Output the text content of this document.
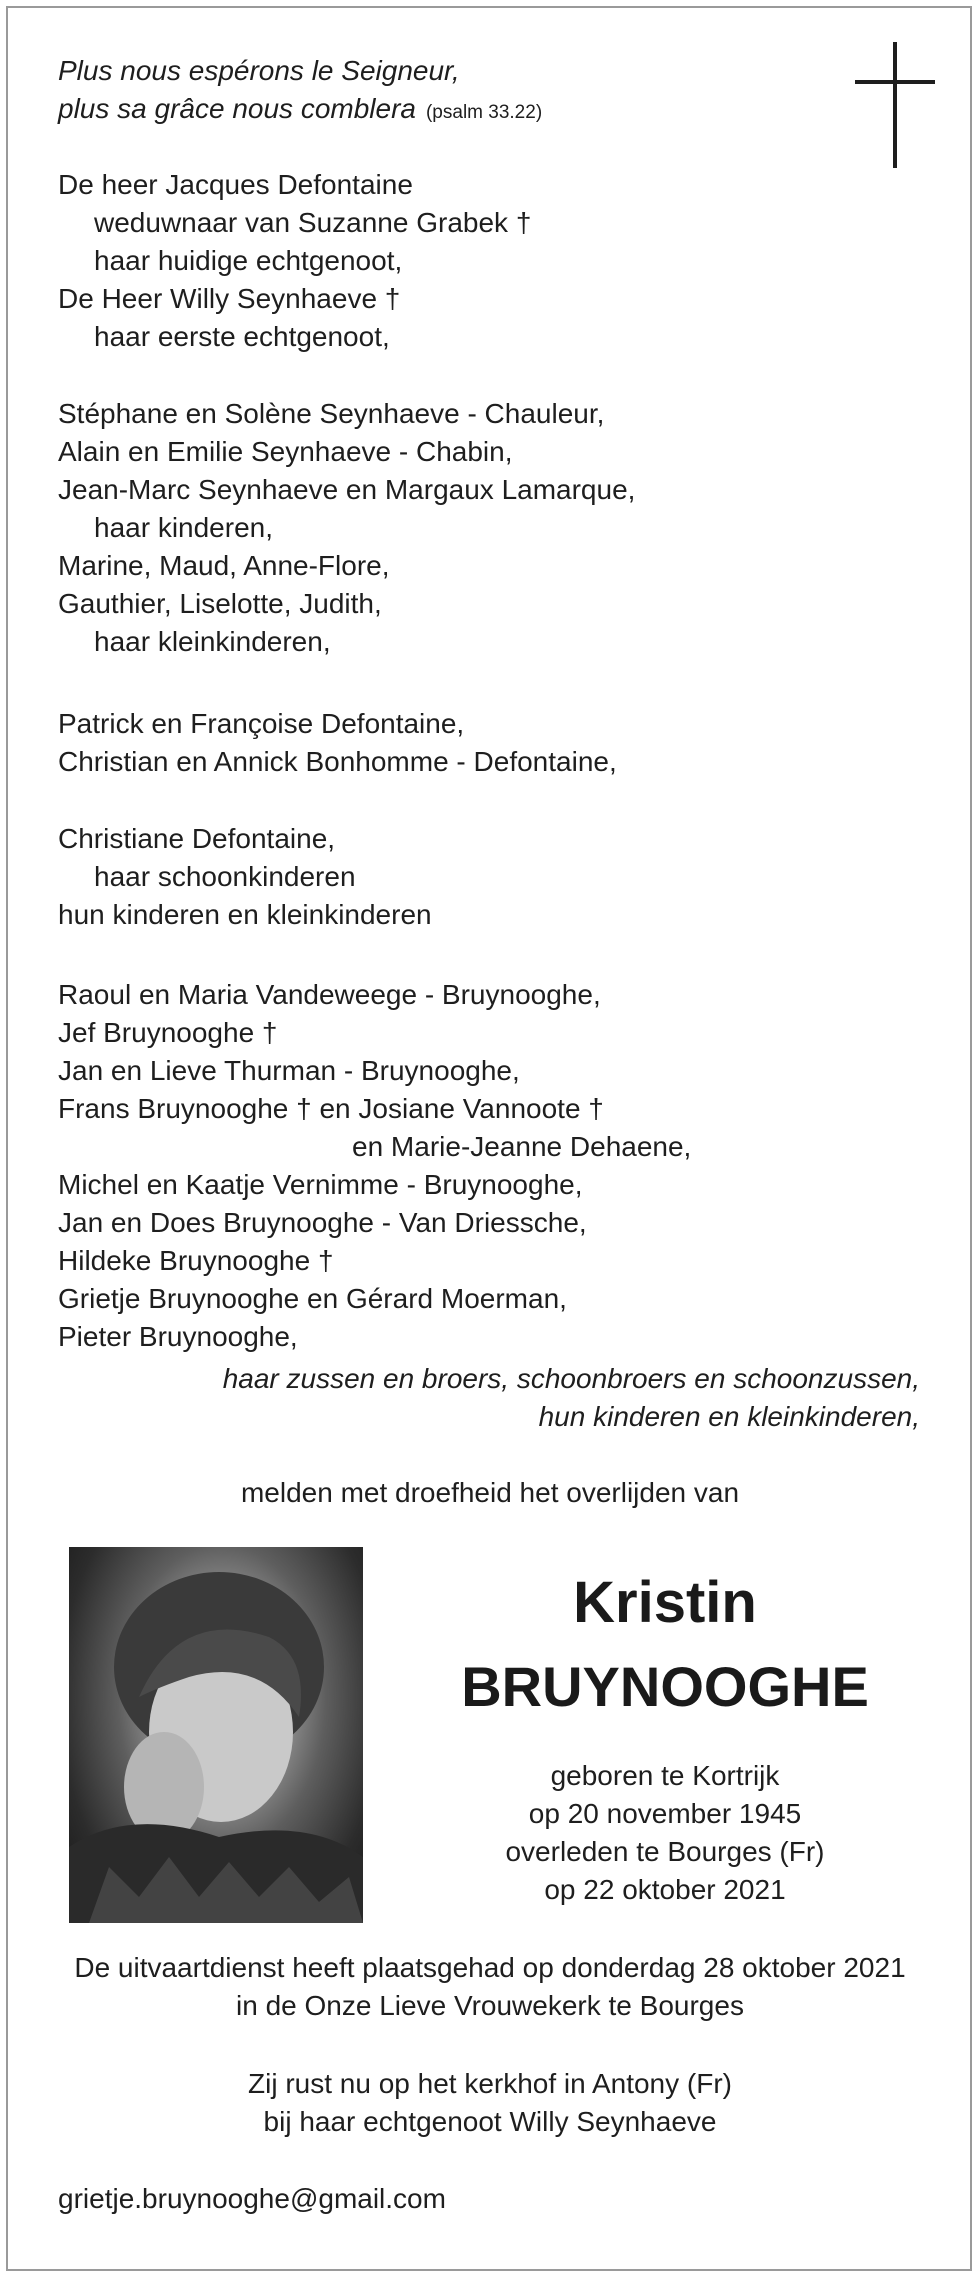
Plus nous espérons le Seigneur,
plus sa grâce nous comblera (psalm 33.22)
De heer Jacques Defontaine
weduwnaar van Suzanne Grabek †
haar huidige echtgenoot,
De Heer Willy Seynhaeve †
haar eerste echtgenoot,
Stéphane en Solène Seynhaeve - Chauleur,
Alain en Emilie Seynhaeve - Chabin,
Jean-Marc Seynhaeve en Margaux Lamarque,
haar kinderen,
Marine, Maud, Anne-Flore,
Gauthier, Liselotte, Judith,
haar kleinkinderen,
Patrick en Françoise Defontaine,
Christian en Annick Bonhomme - Defontaine,
Christiane Defontaine,
haar schoonkinderen
hun kinderen en kleinkinderen
Raoul en Maria Vandeweege - Bruynooghe,
Jef Bruynooghe †
Jan en Lieve Thurman - Bruynooghe,
Frans Bruynooghe † en Josiane Vannoote †
en Marie-Jeanne Dehaene,
Michel en Kaatje Vernimme - Bruynooghe,
Jan en Does Bruynooghe - Van Driessche,
Hildeke Bruynooghe †
Grietje Bruynooghe en Gérard Moerman,
Pieter Bruynooghe,
haar zussen en broers, schoonbroers en schoonzussen,
hun kinderen en kleinkinderen,
melden met droefheid het overlijden van
Kristin
BRUYNOOGHE
geboren te Kortrijk
op 20 november 1945
overleden te Bourges (Fr)
op 22 oktober 2021
De uitvaartdienst heeft plaatsgehad op donderdag 28 oktober 2021
in de Onze Lieve Vrouwekerk te Bourges
Zij rust nu op het kerkhof in Antony (Fr)
bij haar echtgenoot Willy Seynhaeve
grietje.bruynooghe@gmail.com
